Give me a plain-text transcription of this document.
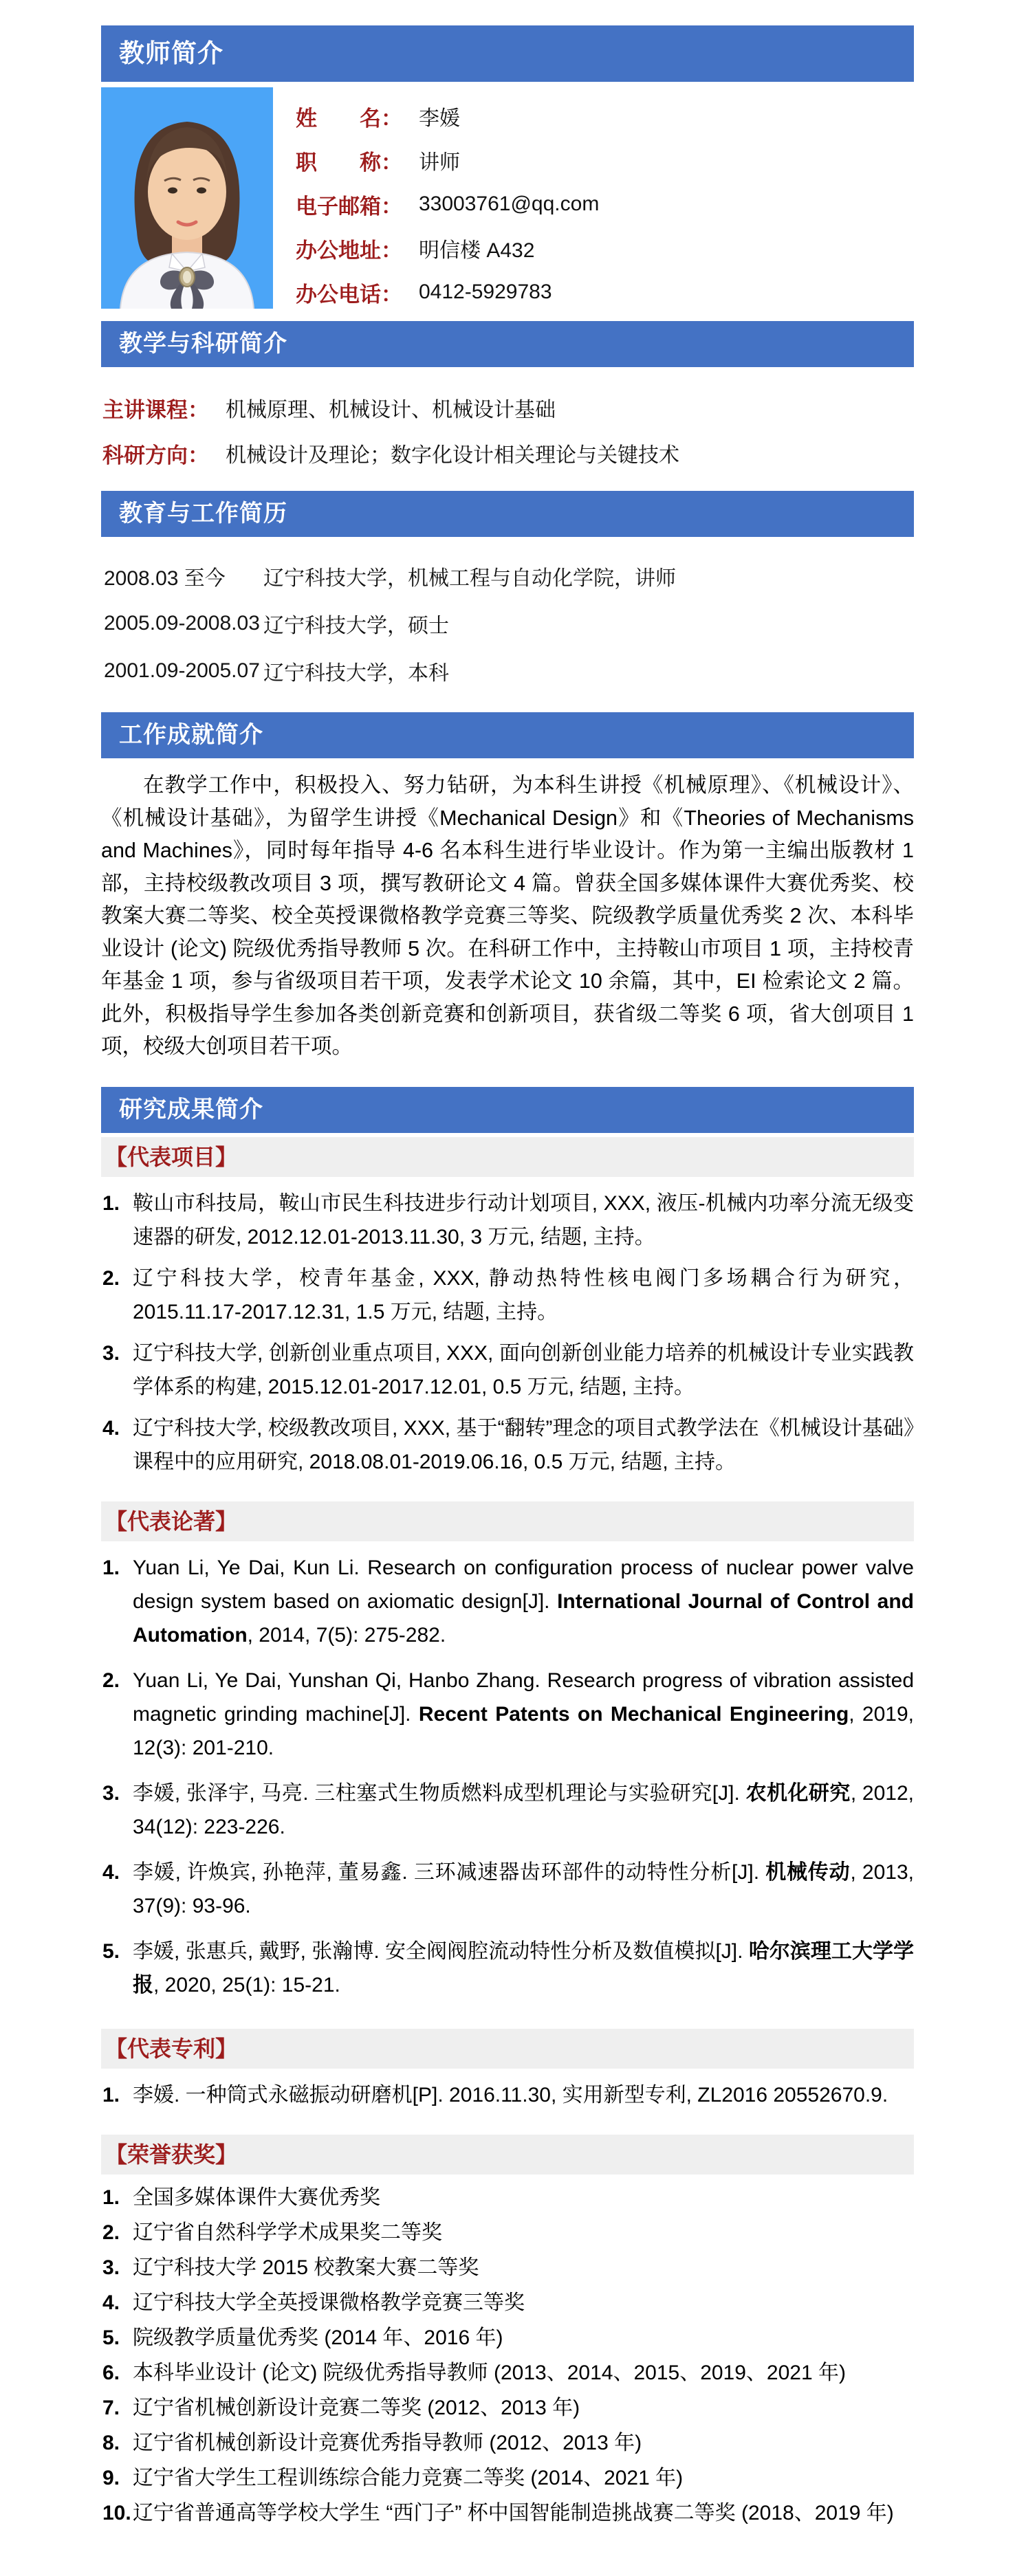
教师简介
姓　　名： 李媛
职　　称： 讲师
电子邮箱： 33003761@qq.com
办公地址： 明信楼 A432
办公电话： 0412-5929783
教学与科研简介
主讲课程： 机械原理、机械设计、机械设计基础
科研方向： 机械设计及理论；数字化设计相关理论与关键技术
教育与工作简历
2008.03 至今	辽宁科技大学，机械工程与自动化学院，讲师
2005.09-2008.03 辽宁科技大学，硕士
2001.09-2005.07 辽宁科技大学，本科
工作成就简介

在教学工作中，积极投入、努力钻研，为本科生讲授《机械原理》、《机械设计》、《机械设计基础》，为留学生讲授《Mechanical Design》和《Theories of Mechanisms and Machines》，同时每年指导 4-6 名本科生进行毕业设计。作为第一主编出版教材 1 部，主持校级教改项目 3 项，撰写教研论文 4 篇。曾获全国多媒体课件大赛优秀奖、校教案大赛二等奖、校全英授课微格教学竞赛三等奖、院级教学质量优秀奖 2 次、本科毕业设计 (论文) 院级优秀指导教师 5 次。在科研工作中，主持鞍山市项目 1 项，主持校青年基金 1 项，参与省级项目若干项，发表学术论文 10 余篇，其中，EI 检索论文 2 篇。此外，积极指导学生参加各类创新竞赛和创新项目，获省级二等奖 6 项，省大创项目 1 项，校级大创项目若干项。

研究成果简介
【代表项目】
1. 鞍山市科技局，鞍山市民生科技进步行动计划项目, XXX, 液压-机械内功率分流无级变速器的研发, 2012.12.01-2013.11.30, 3 万元, 结题, 主持。
2. 辽宁科技大学，校青年基金, XXX, 静动热特性核电阀门多场耦合行为研究，2015.11.17-2017.12.31, 1.5 万元, 结题, 主持。
3. 辽宁科技大学, 创新创业重点项目, XXX, 面向创新创业能力培养的机械设计专业实践教学体系的构建, 2015.12.01-2017.12.01, 0.5 万元, 结题, 主持。
4. 辽宁科技大学, 校级教改项目, XXX, 基于“翻转”理念的项目式教学法在《机械设计基础》课程中的应用研究, 2018.08.01-2019.06.16, 0.5 万元, 结题, 主持。
【代表论著】
1. Yuan Li, Ye Dai, Kun Li. Research on configuration process of nuclear power valve design system based on axiomatic design[J]. International Journal of Control and Automation, 2014, 7(5): 275-282.
2. Yuan Li, Ye Dai, Yunshan Qi, Hanbo Zhang. Research progress of vibration assisted magnetic grinding machine[J]. Recent Patents on Mechanical Engineering, 2019, 12(3): 201-210.
3. 李媛, 张泽宇, 马亮. 三柱塞式生物质燃料成型机理论与实验研究[J]. 农机化研究, 2012, 34(12): 223-226.
4. 李媛, 许焕宾, 孙艳萍, 董易鑫. 三环减速器齿环部件的动特性分析[J]. 机械传动, 2013, 37(9): 93-96.
5. 李媛, 张惠兵, 戴野, 张瀚博. 安全阀阀腔流动特性分析及数值模拟[J]. 哈尔滨理工大学学报, 2020, 25(1): 15-21.
【代表专利】
1. 李媛. 一种筒式永磁振动研磨机[P]. 2016.11.30, 实用新型专利, ZL2016 20552670.9.
【荣誉获奖】
1. 全国多媒体课件大赛优秀奖
2. 辽宁省自然科学学术成果奖二等奖
3. 辽宁科技大学 2015 校教案大赛二等奖
4. 辽宁科技大学全英授课微格教学竞赛三等奖
5. 院级教学质量优秀奖 (2014 年、2016 年)
6. 本科毕业设计 (论文) 院级优秀指导教师 (2013、2014、2015、2019、2021 年)
7. 辽宁省机械创新设计竞赛二等奖 (2012、2013 年)
8. 辽宁省机械创新设计竞赛优秀指导教师 (2012、2013 年)
9. 辽宁省大学生工程训练综合能力竞赛二等奖 (2014、2021 年)
10. 辽宁省普通高等学校大学生 “西门子” 杯中国智能制造挑战赛二等奖 (2018、2019 年)
